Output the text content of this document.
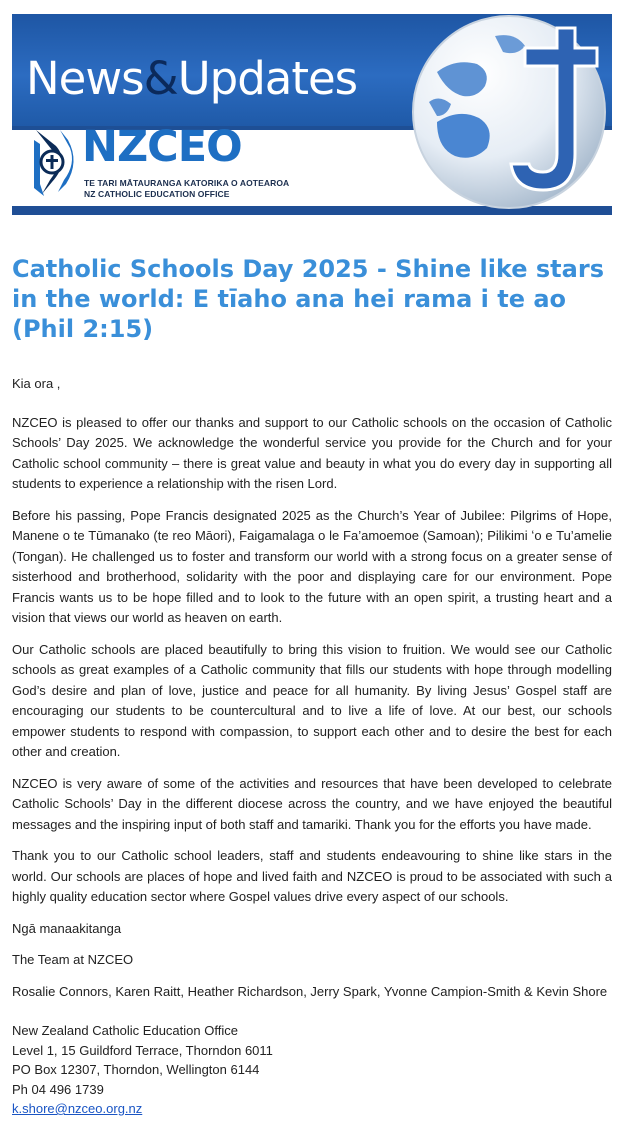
News&Updates
NZCEO
TE TARI MĀTAURANGA KATORIKA O AOTEAROA
NZ CATHOLIC EDUCATION OFFICE
Catholic Schools Day 2025 - Shine like stars in the world: E tīaho ana hei rama i te ao (Phil 2:15)

Kia ora ,

NZCEO is pleased to offer our thanks and support to our Catholic schools on the occasion of Catholic Schools’ Day 2025. We acknowledge the wonderful service you provide for the Church and for your Catholic school community – there is great value and beauty in what you do every day in supporting all students to experience a relationship with the risen Lord.

Before his passing, Pope Francis designated 2025 as the Church’s Year of Jubilee: Pilgrims of Hope, Manene o te Tūmanako (te reo Māori), Faigamalaga o le Fa’amoemoe (Samoan); Pilikimi ʻo e Tu’amelie (Tongan). He challenged us to foster and transform our world with a strong focus on a greater sense of sisterhood and brotherhood, solidarity with the poor and displaying care for our environment. Pope Francis wants us to be hope filled and to look to the future with an open spirit, a trusting heart and a vision that views our world as heaven on earth.

Our Catholic schools are placed beautifully to bring this vision to fruition. We would see our Catholic schools as great examples of a Catholic community that fills our students with hope through modelling God’s desire and plan of love, justice and peace for all humanity. By living Jesus’ Gospel staff are encouraging our students to be countercultural and to live a life of love. At our best, our schools empower students to respond with compassion, to support each other and to desire the best for each other and creation.

NZCEO is very aware of some of the activities and resources that have been developed to celebrate Catholic Schools’ Day in the different diocese across the country, and we have enjoyed the beautiful messages and the inspiring input of both staff and tamariki. Thank you for the efforts you have made.

Thank you to our Catholic school leaders, staff and students endeavouring to shine like stars in the world. Our schools are places of hope and lived faith and NZCEO is proud to be associated with such a highly quality education sector where Gospel values drive every aspect of our schools.

Ngā manaakitanga

The Team at NZCEO

Rosalie Connors, Karen Raitt, Heather Richardson, Jerry Spark, Yvonne Campion-Smith & Kevin Shore

New Zealand Catholic Education Office
Level 1, 15 Guildford Terrace, Thorndon 6011
PO Box 12307, Thorndon, Wellington 6144
Ph 04 496 1739
k.shore@nzceo.org.nz
